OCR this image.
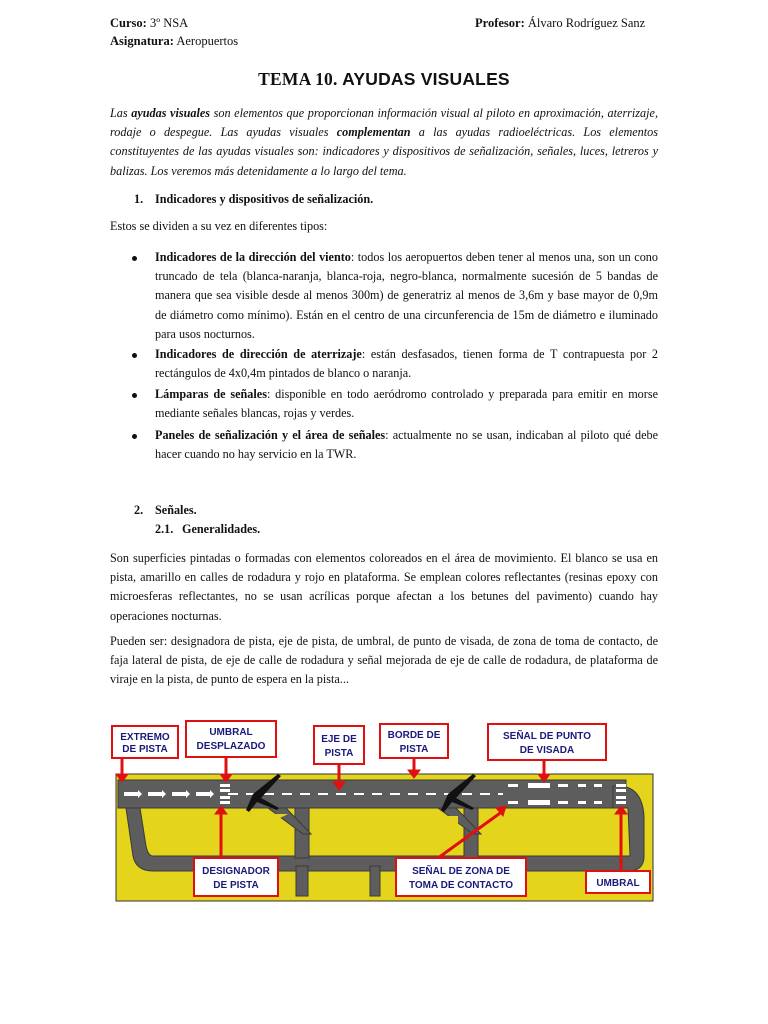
Curso: 3º NSA	Profesor: Álvaro Rodríguez Sanz
Asignatura: Aeropuertos
TEMA 10. AYUDAS VISUALES
Las ayudas visuales son elementos que proporcionan información visual al piloto en aproximación, aterrizaje, rodaje o despegue. Las ayudas visuales complementan a las ayudas radioeléctricas. Los elementos constituyentes de las ayudas visuales son: indicadores y dispositivos de señalización, señales, luces, letreros y balizas. Los veremos más detenidamente a lo largo del tema.
1. Indicadores y dispositivos de señalización.
Estos se dividen a su vez en diferentes tipos:
Indicadores de la dirección del viento: todos los aeropuertos deben tener al menos una, son un cono truncado de tela (blanca-naranja, blanca-roja, negro-blanca, normalmente sucesión de 5 bandas de manera que sea visible desde al menos 300m) de generatriz al menos de 3,6m y base mayor de 0,9m de diámetro como mínimo). Están en el centro de una circunferencia de 15m de diámetro e iluminado para usos nocturnos.
Indicadores de dirección de aterrizaje: están desfasados, tienen forma de T contrapuesta por 2 rectángulos de 4x0,4m pintados de blanco o naranja.
Lámparas de señales: disponible en todo aeródromo controlado y preparada para emitir en morse mediante señales blancas, rojas y verdes.
Paneles de señalización y el área de señales: actualmente no se usan, indicaban al piloto qué debe hacer cuando no hay servicio en la TWR.
2. Señales.
2.1. Generalidades.
Son superficies pintadas o formadas con elementos coloreados en el área de movimiento. El blanco se usa en pista, amarillo en calles de rodadura y rojo en plataforma. Se emplean colores reflectantes (resinas epoxy con microesferas reflectantes, no se usan acrílicas porque afectan a los betunes del pavimento) cuando hay operaciones nocturnas.
Pueden ser: designadora de pista, eje de pista, de umbral, de punto de visada, de zona de toma de contacto, de faja lateral de pista, de eje de calle de rodadura y señal mejorada de eje de calle de rodadura, de plataforma de viraje en la pista, de punto de espera en la pista...
EXTREMO
DE PISTA
UMBRAL
DESPLAZADO
EJE DE
PISTA
BORDE DE
PISTA
SEÑAL DE PUNTO
DE VISADA
DESIGNADOR
DE PISTA
SEÑAL DE ZONA DE
TOMA DE CONTACTO	UMBRAL
